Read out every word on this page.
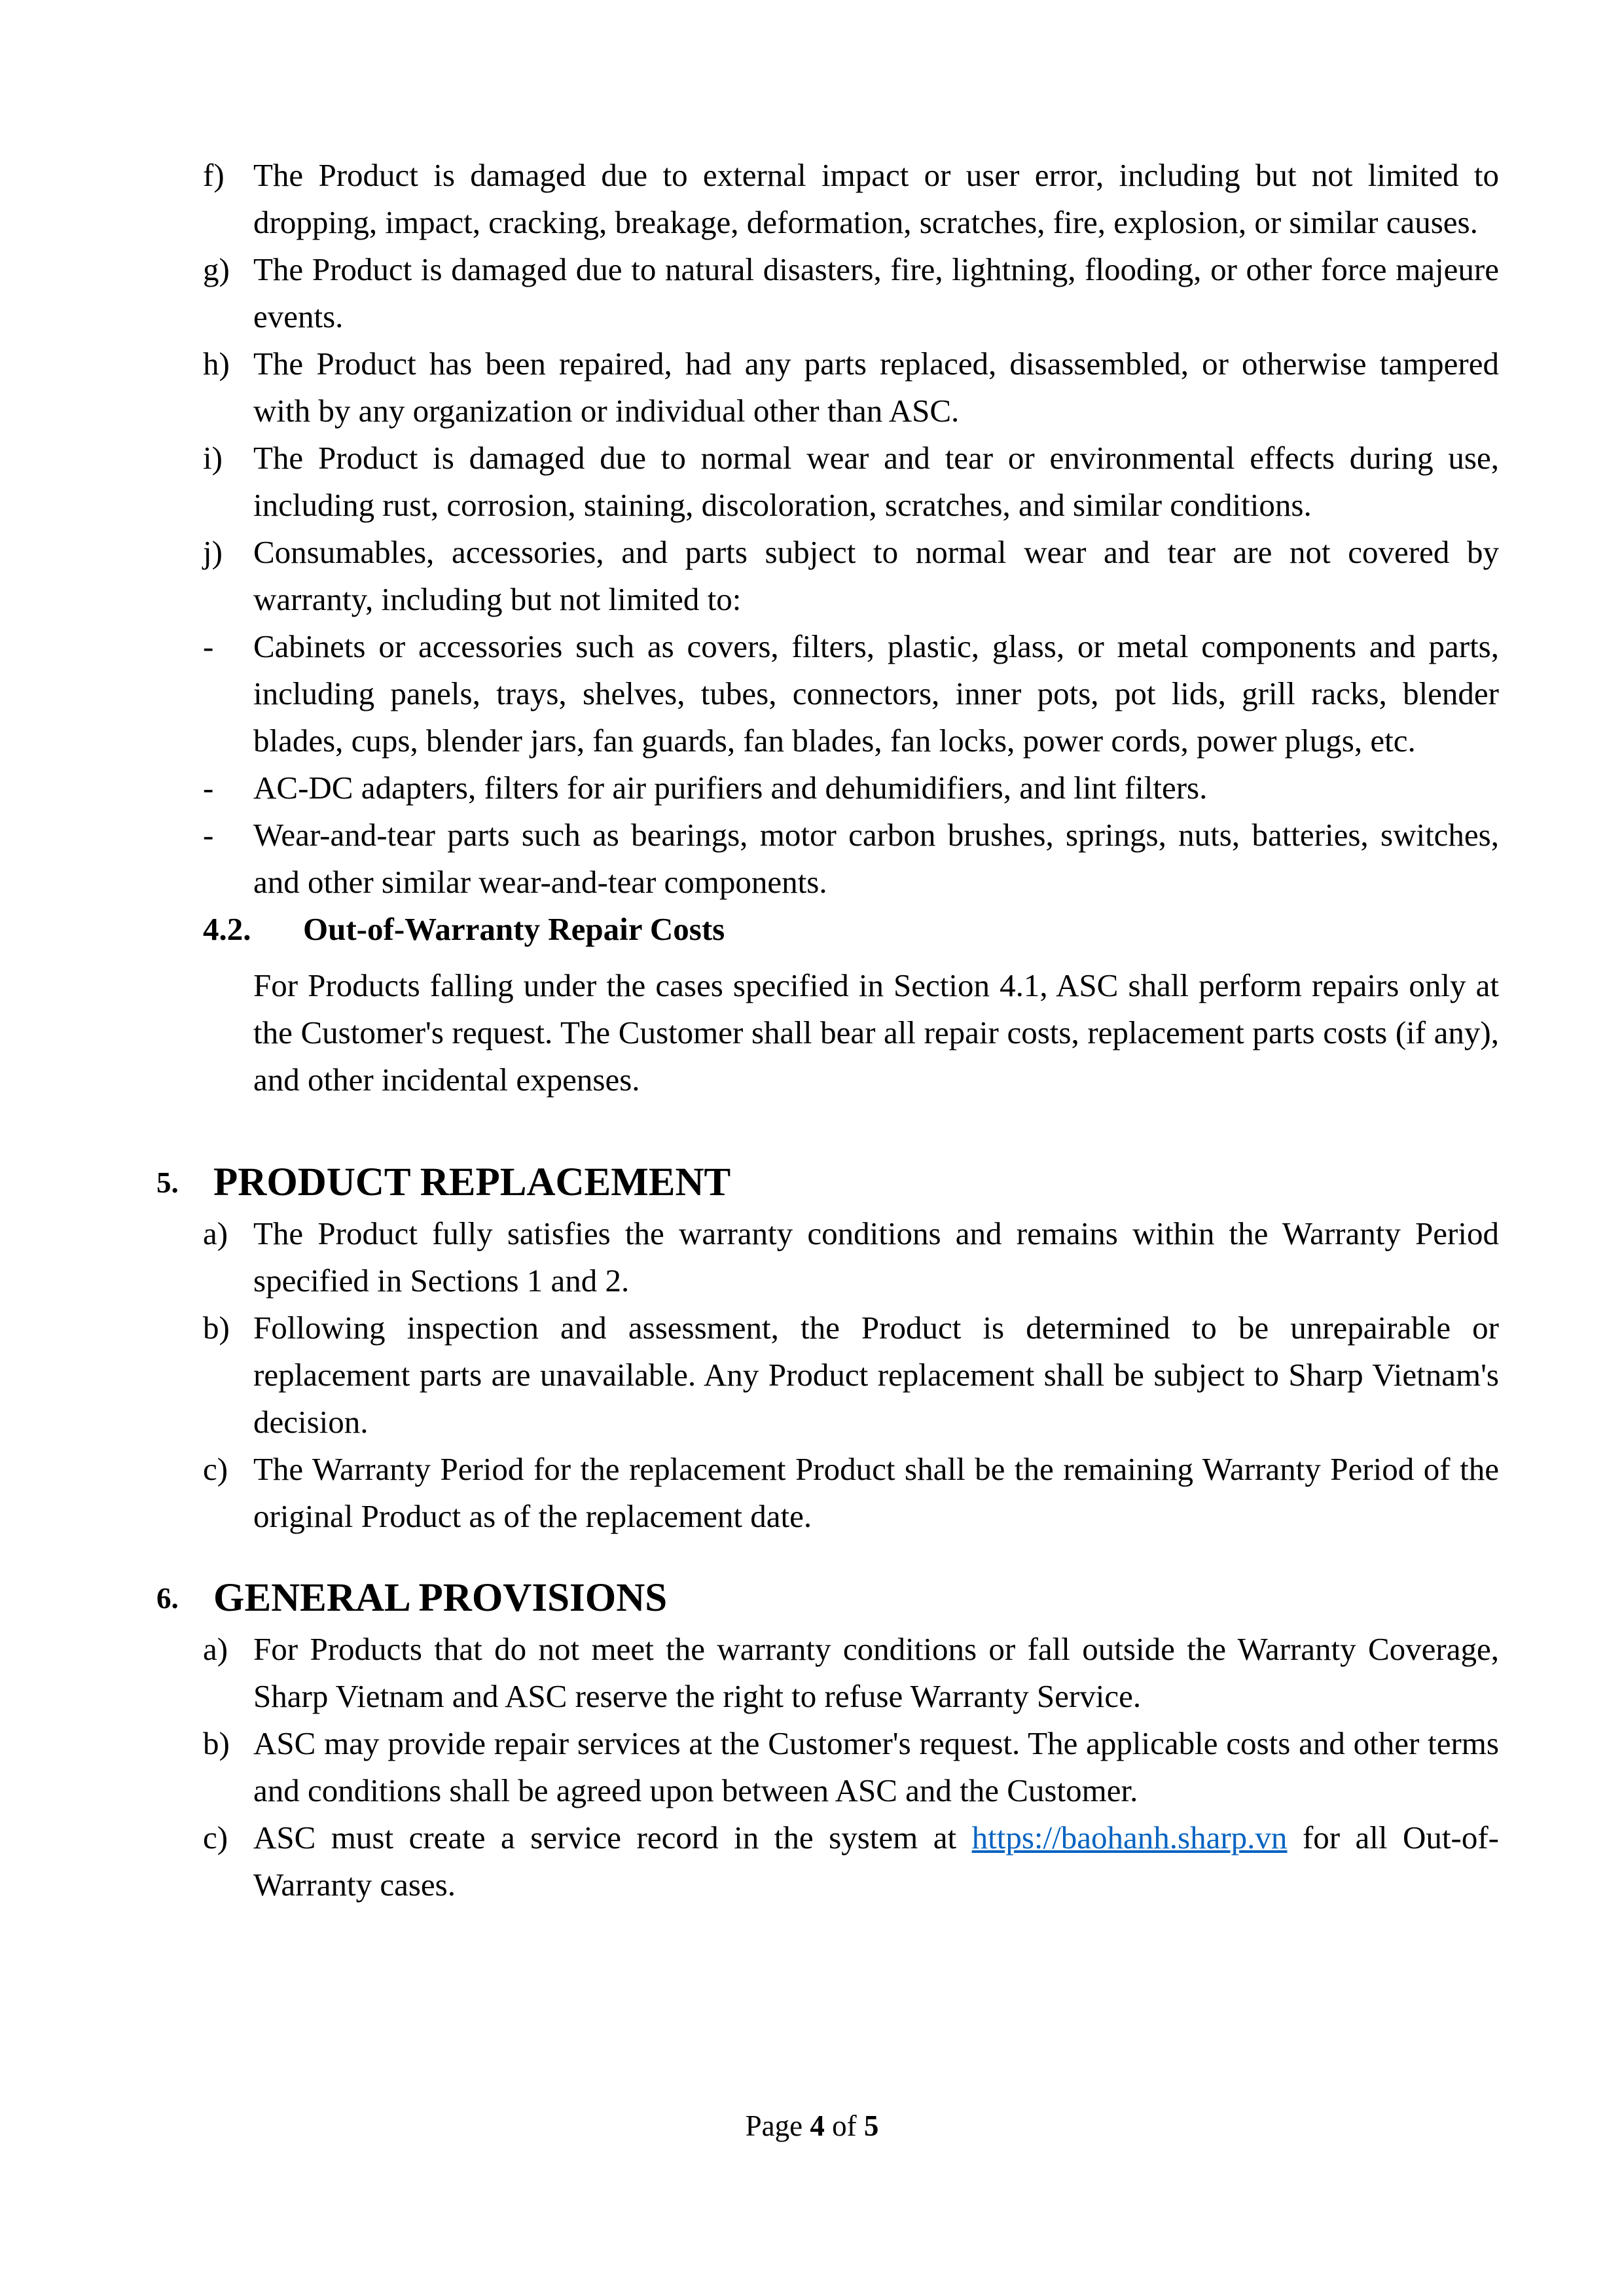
f) The Product is damaged due to external impact or user error, including but not limited to dropping, impact, cracking, breakage, deformation, scratches, fire, explosion, or similar causes.
g) The Product is damaged due to natural disasters, fire, lightning, flooding, or other force majeure events.
h) The Product has been repaired, had any parts replaced, disassembled, or otherwise tampered with by any organization or individual other than ASC.
i) The Product is damaged due to normal wear and tear or environmental effects during use, including rust, corrosion, staining, discoloration, scratches, and similar conditions.
j) Consumables, accessories, and parts subject to normal wear and tear are not covered by warranty, including but not limited to:
- Cabinets or accessories such as covers, filters, plastic, glass, or metal components and parts, including panels, trays, shelves, tubes, connectors, inner pots, pot lids, grill racks, blender blades, cups, blender jars, fan guards, fan blades, fan locks, power cords, power plugs, etc.
- AC-DC adapters, filters for air purifiers and dehumidifiers, and lint filters.
- Wear-and-tear parts such as bearings, motor carbon brushes, springs, nuts, batteries, switches, and other similar wear-and-tear components.
4.2. Out-of-Warranty Repair Costs
For Products falling under the cases specified in Section 4.1, ASC shall perform repairs only at the Customer's request. The Customer shall bear all repair costs, replacement parts costs (if any), and other incidental expenses.
5. PRODUCT REPLACEMENT
a) The Product fully satisfies the warranty conditions and remains within the Warranty Period specified in Sections 1 and 2.
b) Following inspection and assessment, the Product is determined to be unrepairable or replacement parts are unavailable. Any Product replacement shall be subject to Sharp Vietnam's decision.
c) The Warranty Period for the replacement Product shall be the remaining Warranty Period of the original Product as of the replacement date.
6. GENERAL PROVISIONS
a) For Products that do not meet the warranty conditions or fall outside the Warranty Coverage, Sharp Vietnam and ASC reserve the right to refuse Warranty Service.
b) ASC may provide repair services at the Customer's request. The applicable costs and other terms and conditions shall be agreed upon between ASC and the Customer.
c) ASC must create a service record in the system at https://baohanh.sharp.vn for all Out-of-Warranty cases.
Page 4 of 5
